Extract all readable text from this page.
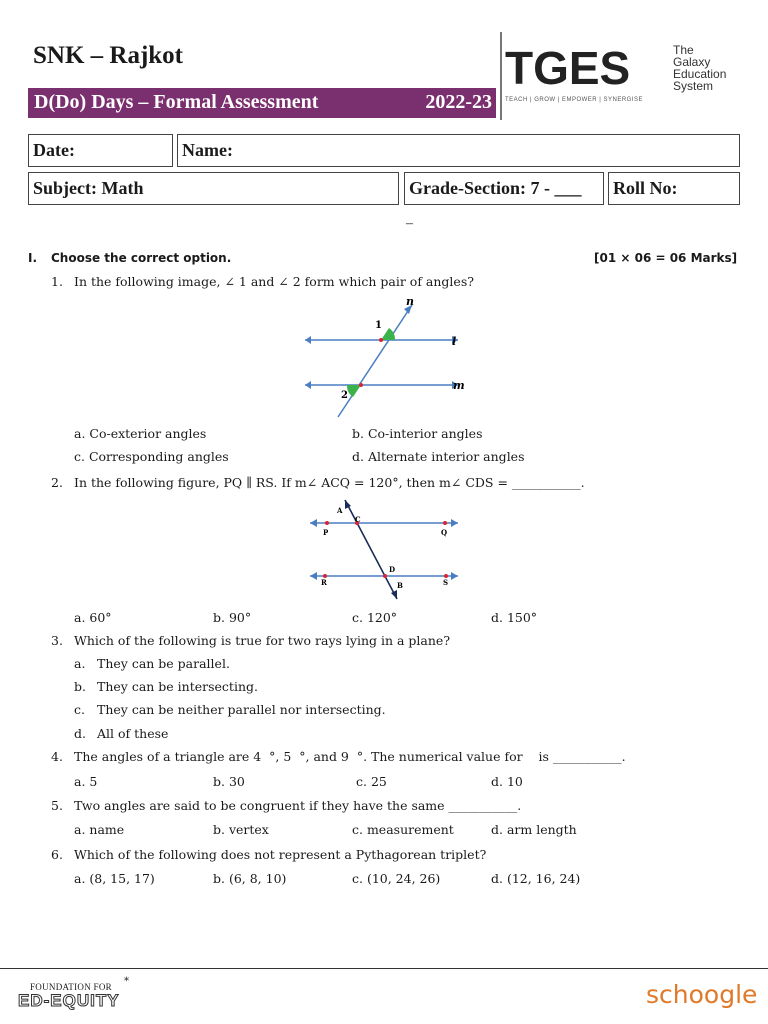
SNK – Rajkot
D(Do) Days – Formal Assessment	2022-23
TGES	The
Galaxy
Education
System
TEACH | GROW | EMPOWER | SYNERGISE
Date:	Name:
Subject: Math	Grade-Section: 7 - ___	Roll No:
–
I. Choose the correct option.	[01 × 06 = 06 Marks]
1. In the following image, ∠ 1 and ∠ 2 form which pair of angles?
n
l
m
1
2
a. Co-exterior angles	b. Co-interior angles
c. Corresponding angles	d. Alternate interior angles
2. In the following figure, PQ ∥ RS. If m∠ ACQ = 120°, then m∠ CDS = ___________.
A
C
P	Q
D
R	B	S
a. 60°	b. 90°	c. 120°	d. 150°
3. Which of the following is true for two rays lying in a plane?
a. They can be parallel.
b. They can be intersecting.
c. They can be neither parallel nor intersecting.
d. All of these
4. The angles of a triangle are 4  °, 5  °, and 9  °. The numerical value for    is ___________.
a. 5	b. 30	c. 25	d. 10
5. Two angles are said to be congruent if they have the same ___________.
a. name	b. vertex	c. measurement	d. arm length
6. Which of the following does not represent a Pythagorean triplet?
a. (8, 15, 17)	b. (6, 8, 10)	c. (10, 24, 26)	d. (12, 16, 24)
FOUNDATION FOR
ED-EQUITY
*	schoogle
